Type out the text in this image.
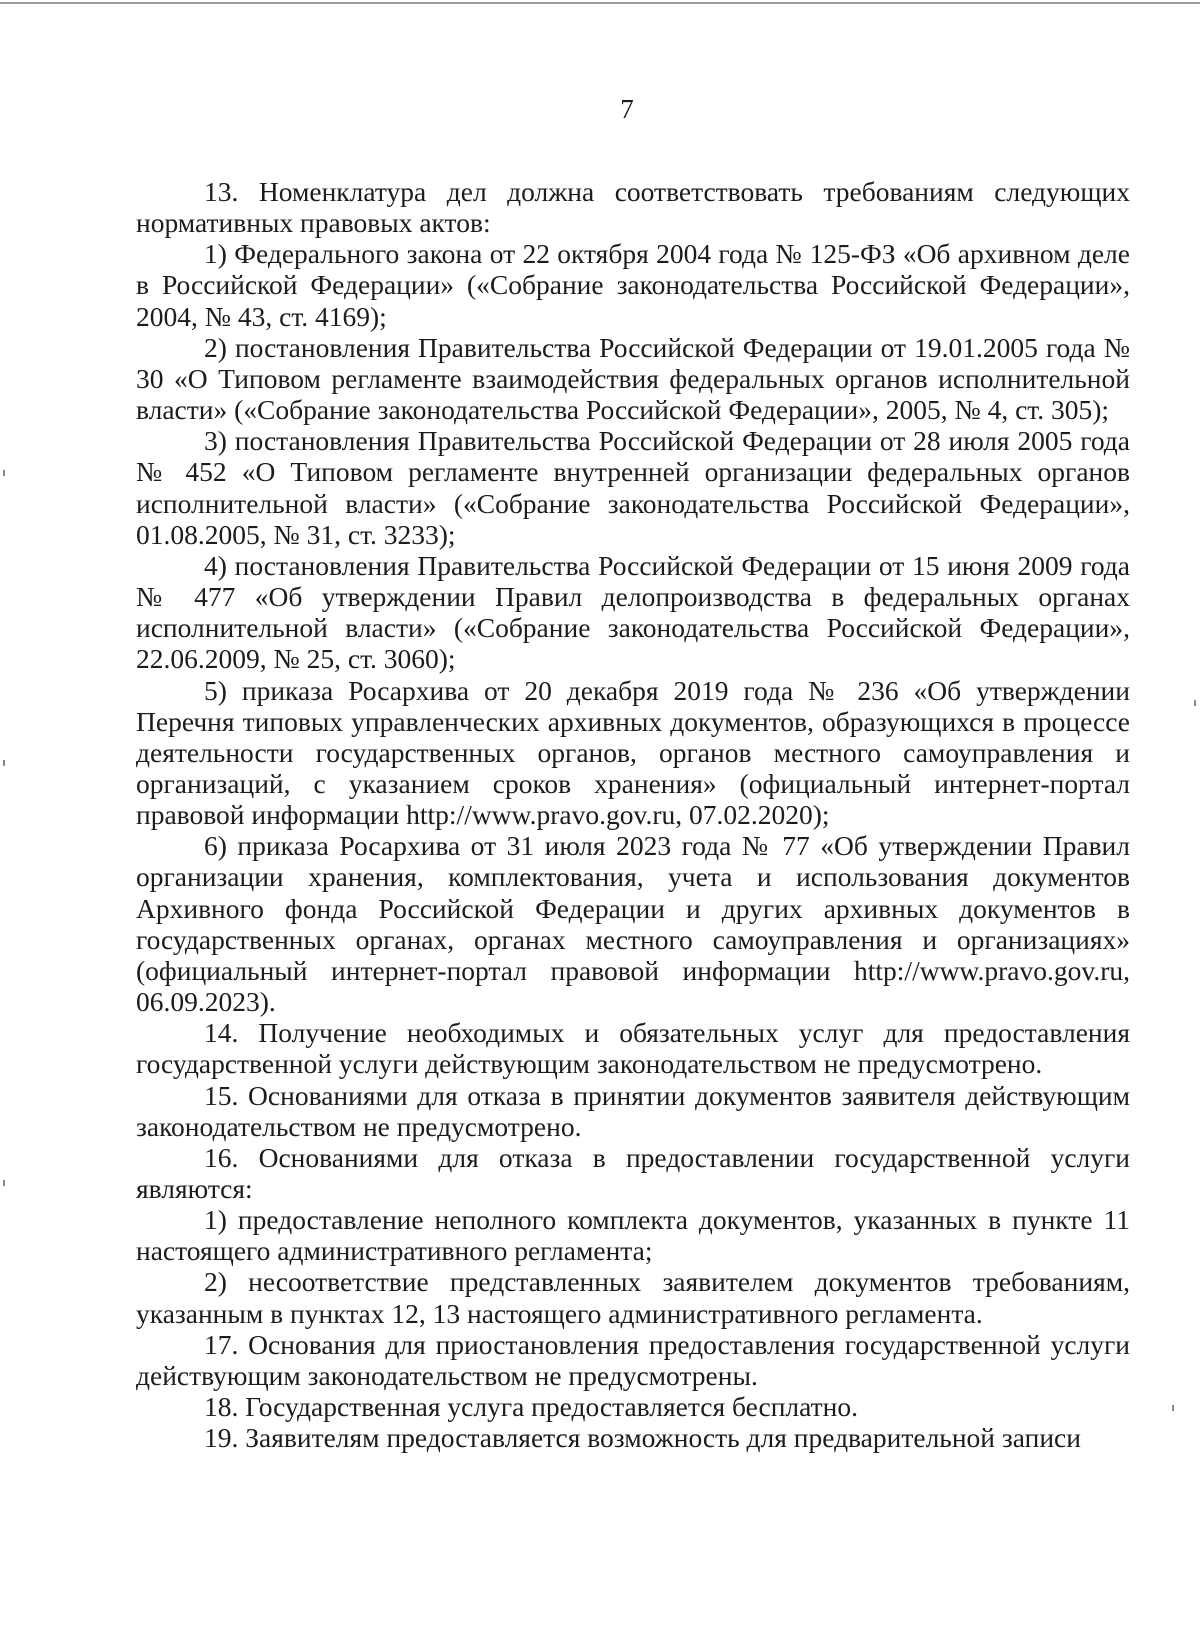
7

13. Номенклатура дел должна соответствовать требованиям следующих нормативных правовых актов:

1) Федерального закона от 22 октября 2004 года № 125-ФЗ «Об архивном деле в Российской Федерации» («Собрание законодательства Российской Федерации», 2004, № 43, ст. 4169);

2) постановления Правительства Российской Федерации от 19.01.2005 года № 30 «О Типовом регламенте взаимодействия федеральных органов исполнительной власти» («Собрание законодательства Российской Федерации», 2005, № 4, ст. 305);

3) постановления Правительства Российской Федерации от 28 июля 2005 года № 452 «О Типовом регламенте внутренней организации федеральных органов исполнительной власти» («Собрание законодательства Российской Федерации», 01.08.2005, № 31, ст. 3233);

4) постановления Правительства Российской Федерации от 15 июня 2009 года № 477 «Об утверждении Правил делопроизводства в федеральных органах исполнительной власти» («Собрание законодательства Российской Федерации», 22.06.2009, № 25, ст. 3060);

5) приказа Росархива от 20 декабря 2019 года № 236 «Об утверждении Перечня типовых управленческих архивных документов, образующихся в процессе деятельности государственных органов, органов местного самоуправления и организаций, с указанием сроков хранения» (официальный интернет-портал правовой информации http://www.pravo.gov.ru, 07.02.2020);

6) приказа Росархива от 31 июля 2023 года № 77 «Об утверждении Правил организации хранения, комплектования, учета и использования документов Архивного фонда Российской Федерации и других архивных документов в государственных органах, органах местного самоуправления и организациях» (официальный интернет-портал правовой информации http://www.pravo.gov.ru, 06.09.2023).

14. Получение необходимых и обязательных услуг для предоставления государственной услуги действующим законодательством не предусмотрено.

15. Основаниями для отказа в принятии документов заявителя действующим законодательством не предусмотрено.

16. Основаниями для отказа в предоставлении государственной услуги являются:

1) предоставление неполного комплекта документов, указанных в пункте 11 настоящего административного регламента;

2) несоответствие представленных заявителем документов требованиям, указанным в пунктах 12, 13 настоящего административного регламента.

17. Основания для приостановления предоставления государственной услуги действующим законодательством не предусмотрены.

18. Государственная услуга предоставляется бесплатно.

19. Заявителям предоставляется возможность для предварительной записи
